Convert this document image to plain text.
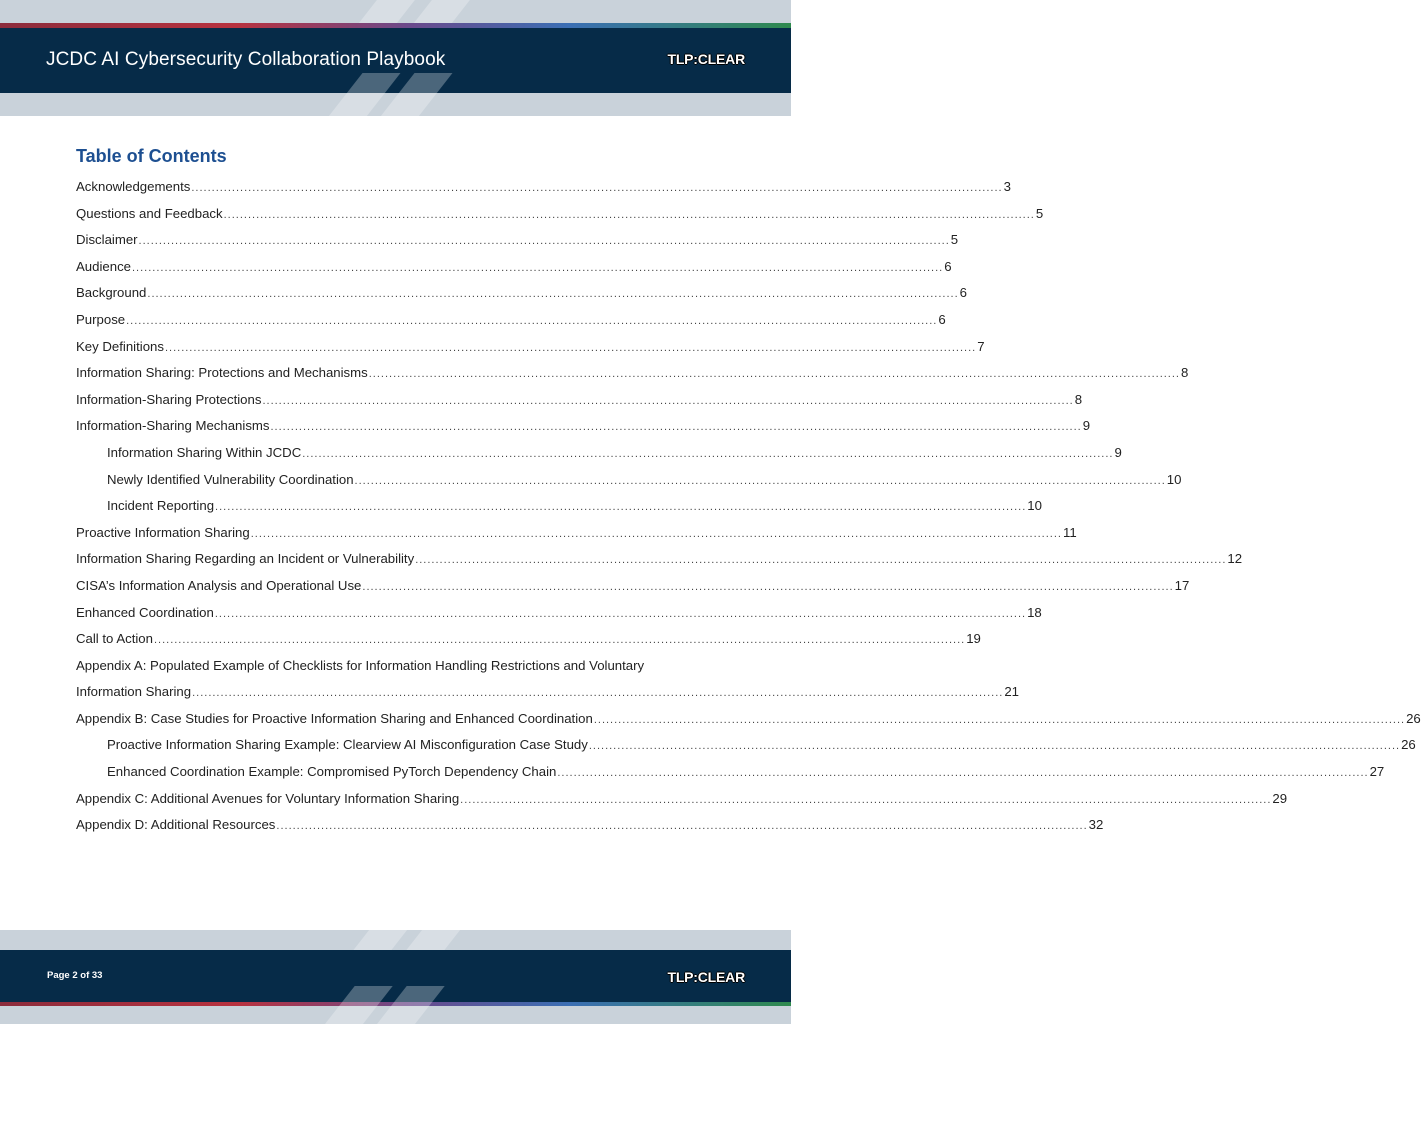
JCDC AI Cybersecurity Collaboration Playbook	TLP:CLEAR
Table of Contents
Acknowledgements ........................................................................................................................................................................................................ 3
Questions and Feedback ........................................................................................................................................................................................................ 5
Disclaimer ........................................................................................................................................................................................................ 5
Audience ........................................................................................................................................................................................................ 6
Background ........................................................................................................................................................................................................ 6
Purpose ........................................................................................................................................................................................................ 6
Key Definitions ........................................................................................................................................................................................................ 7
Information Sharing: Protections and Mechanisms ........................................................................................................................................................................................................ 8
Information-Sharing Protections ........................................................................................................................................................................................................ 8
Information-Sharing Mechanisms ........................................................................................................................................................................................................ 9
Information Sharing Within JCDC ........................................................................................................................................................................................................ 9
Newly Identified Vulnerability Coordination ........................................................................................................................................................................................................ 10
Incident Reporting ........................................................................................................................................................................................................ 10
Proactive Information Sharing ........................................................................................................................................................................................................ 11
Information Sharing Regarding an Incident or Vulnerability ........................................................................................................................................................................................................ 12
CISA’s Information Analysis and Operational Use ........................................................................................................................................................................................................ 17
Enhanced Coordination ........................................................................................................................................................................................................ 18
Call to Action ........................................................................................................................................................................................................ 19
Appendix A: Populated Example of Checklists for Information Handling Restrictions and Voluntary
Information Sharing ........................................................................................................................................................................................................ 21
Appendix B: Case Studies for Proactive Information Sharing and Enhanced Coordination ........................................................................................................................................................................................................ 26
Proactive Information Sharing Example: Clearview AI Misconfiguration Case Study ........................................................................................................................................................................................................ 26
Enhanced Coordination Example: Compromised PyTorch Dependency Chain ........................................................................................................................................................................................................ 27
Appendix C: Additional Avenues for Voluntary Information Sharing ........................................................................................................................................................................................................ 29
Appendix D: Additional Resources ........................................................................................................................................................................................................ 32
Page 2 of 33	TLP:CLEAR
